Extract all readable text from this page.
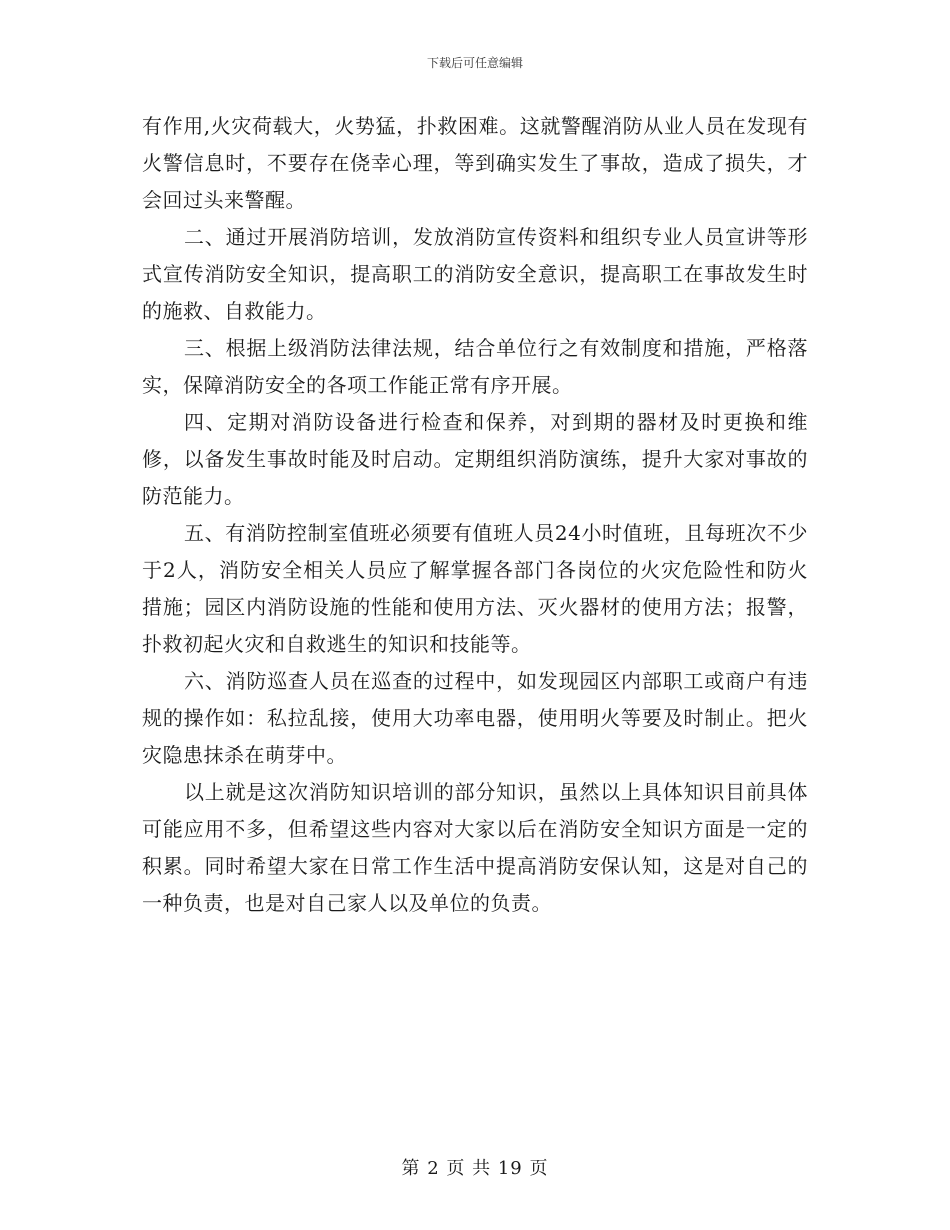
下载后可任意编辑

有作用,火灾荷载大，火势猛，扑救困难。这就警醒消防从业人员在发现有火警信息时，不要存在侥幸心理，等到确实发生了事故，造成了损失，才会回过头来警醒。

二、通过开展消防培训，发放消防宣传资料和组织专业人员宣讲等形式宣传消防安全知识，提高职工的消防安全意识，提高职工在事故发生时的施救、自救能力。

三、根据上级消防法律法规，结合单位行之有效制度和措施，严格落实，保障消防安全的各项工作能正常有序开展。

四、定期对消防设备进行检查和保养，对到期的器材及时更换和维修，以备发生事故时能及时启动。定期组织消防演练，提升大家对事故的防范能力。

五、有消防控制室值班必须要有值班人员24小时值班，且每班次不少于2人，消防安全相关人员应了解掌握各部门各岗位的火灾危险性和防火措施；园区内消防设施的性能和使用方法、灭火器材的使用方法；报警，扑救初起火灾和自救逃生的知识和技能等。

六、消防巡查人员在巡查的过程中，如发现园区内部职工或商户有违规的操作如：私拉乱接，使用大功率电器，使用明火等要及时制止。把火灾隐患抹杀在萌芽中。

以上就是这次消防知识培训的部分知识，虽然以上具体知识目前具体可能应用不多，但希望这些内容对大家以后在消防安全知识方面是一定的积累。同时希望大家在日常工作生活中提高消防安保认知，这是对自己的一种负责，也是对自己家人以及单位的负责。

第 2 页 共 19 页
